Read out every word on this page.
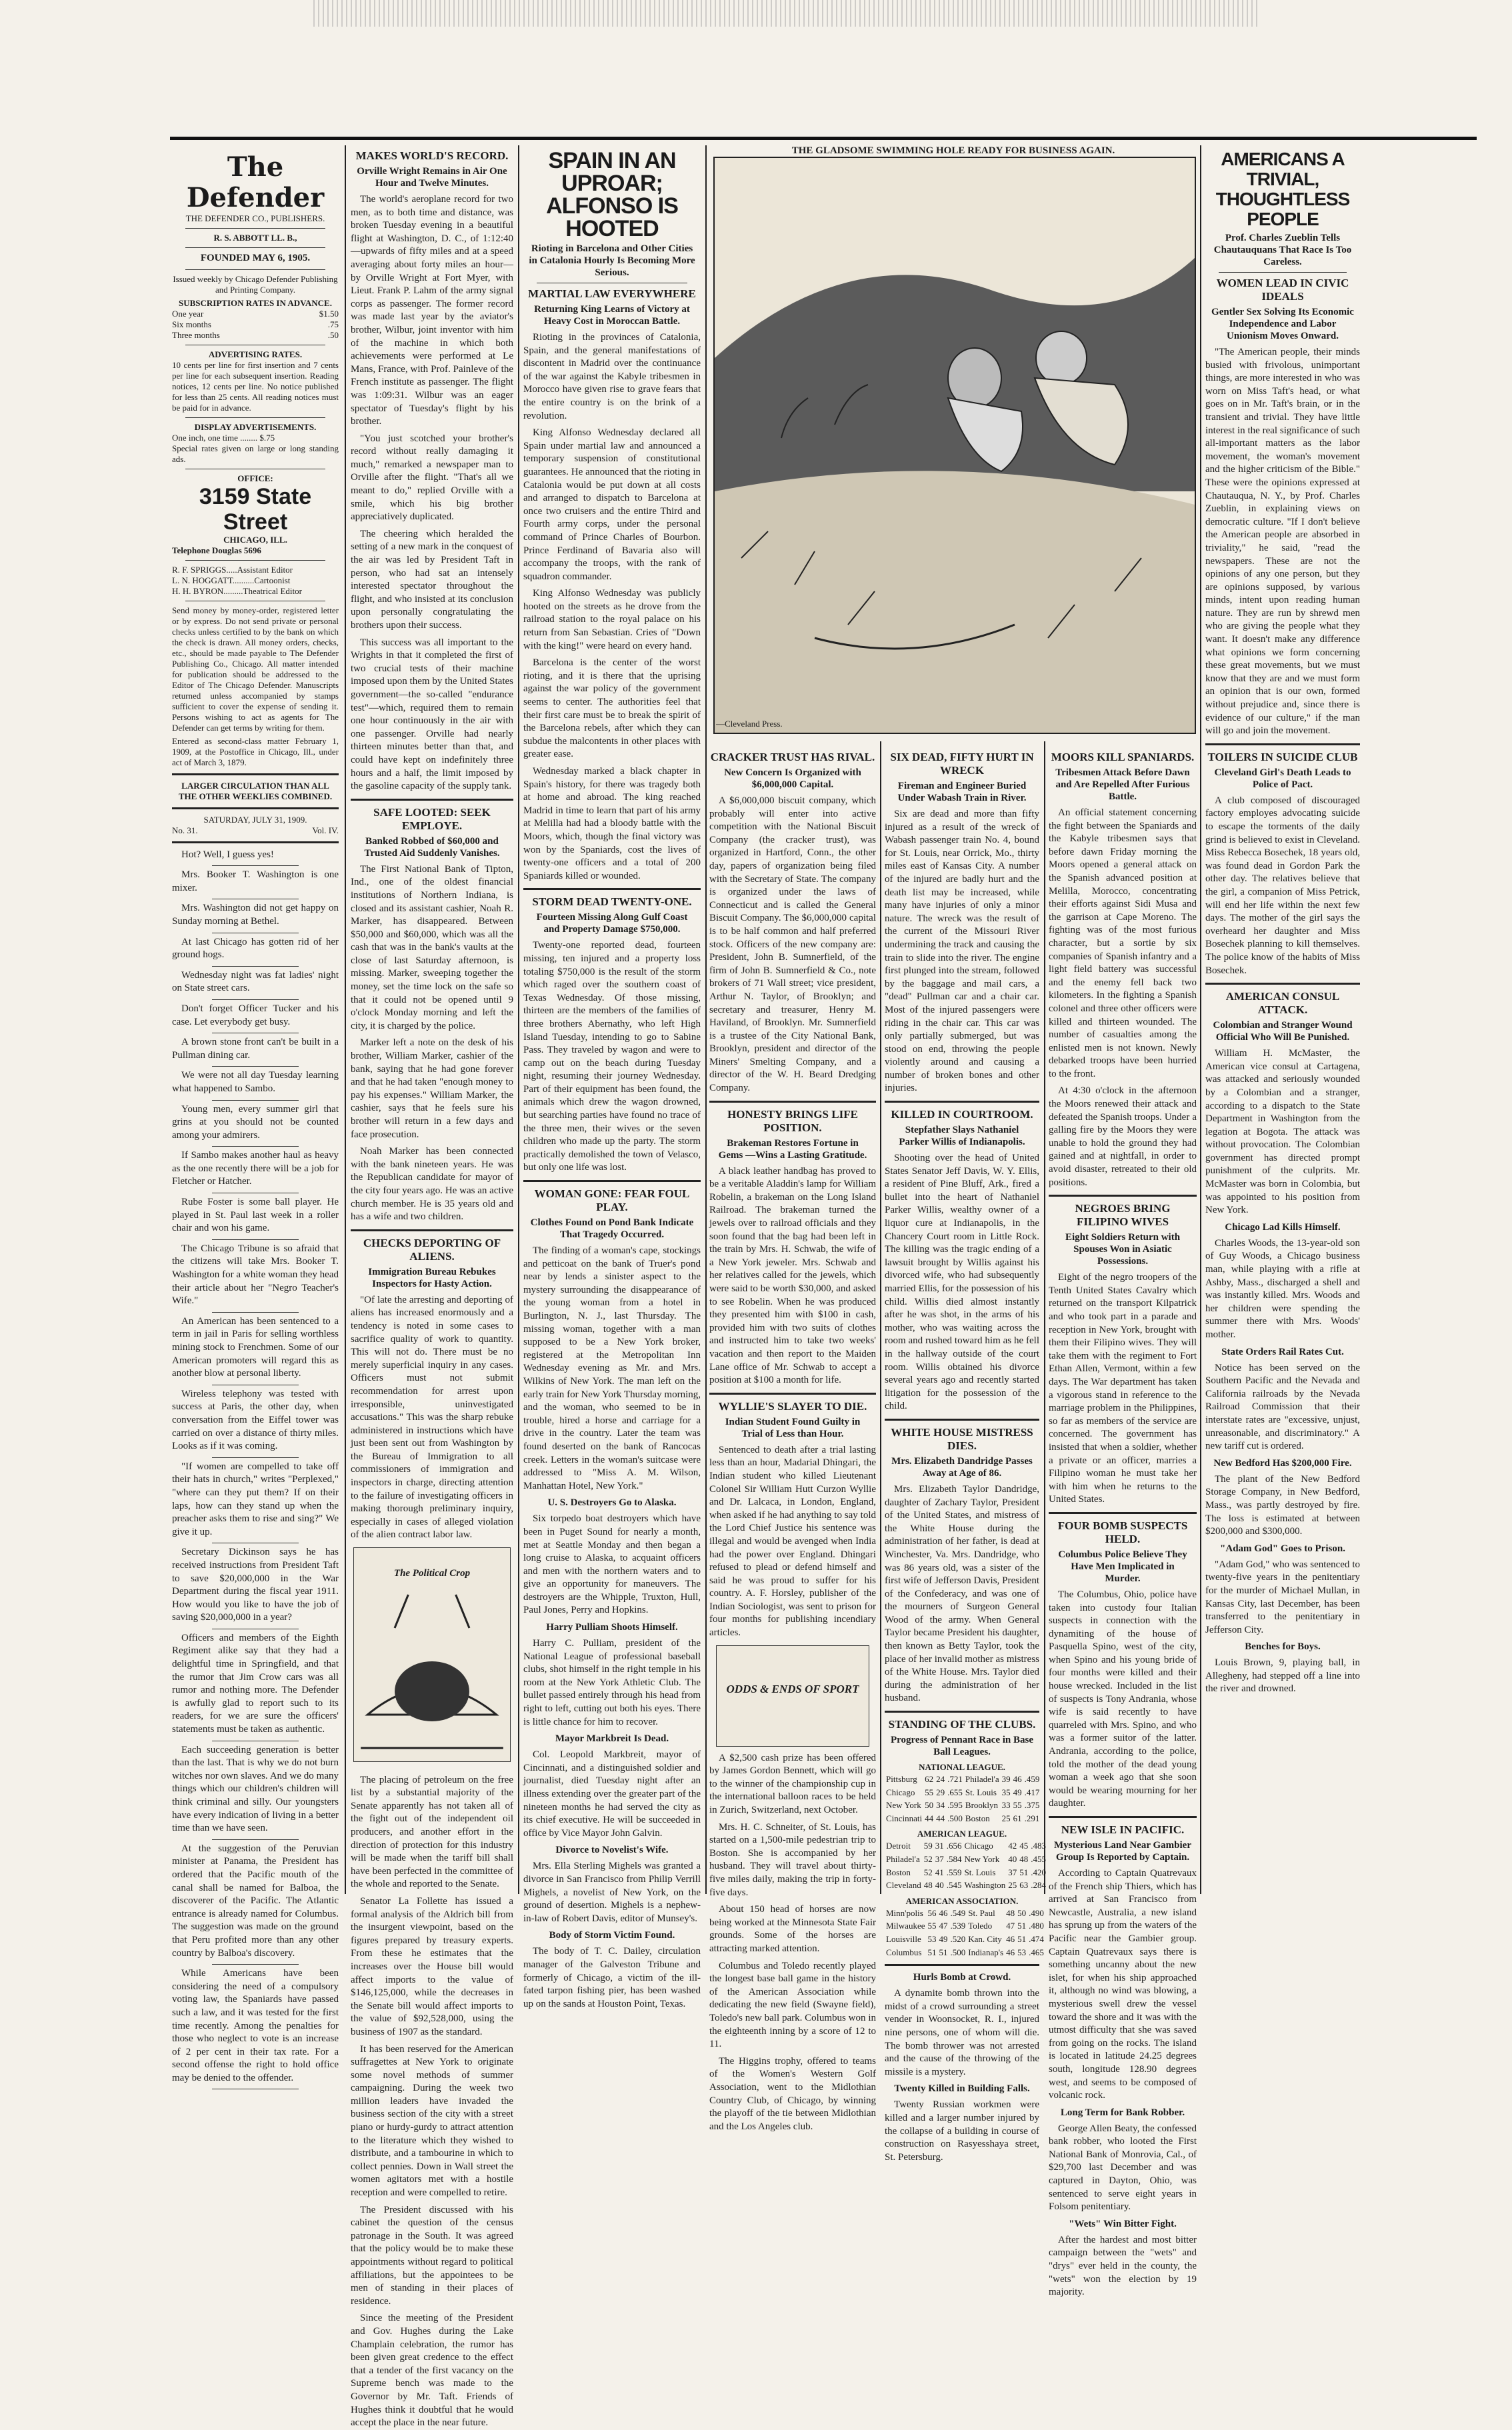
The Defender
THE DEFENDER CO., PUBLISHERS.
R. S. ABBOTT LL. B.,
FOUNDED MAY 6, 1905.
Issued weekly by Chicago Defender Publishing and Printing Company.
SUBSCRIPTION RATES IN ADVANCE.
One year	$1.50
Six months	.75
Three months	.50
ADVERTISING RATES.
10 cents per line for first insertion and 7 cents per line for each subsequent insertion. Reading notices, 12 cents per line. No notice published for less than 25 cents. All reading notices must be paid for in advance.
DISPLAY ADVERTISEMENTS.
One inch, one time ........ $.75
Special rates given on large or long standing ads.
OFFICE:
3159 State Street
CHICAGO, ILL.
Telephone Douglas 5696
R. F. SPRIGGS.....Assistant Editor
L. N. HOGGATT..........Cartoonist
H. H. BYRON.........Theatrical Editor
Send money by money-order, registered letter or by express. Do not send private or personal checks unless certified to by the bank on which the check is drawn. All money orders, checks, etc., should be made payable to The Defender Publishing Co., Chicago. All matter intended for publication should be addressed to the Editor of The Chicago Defender. Manuscripts returned unless accompanied by stamps sufficient to cover the expense of sending it. Persons wishing to act as agents for The Defender can get terms by writing for them.
Entered as second-class matter February 1, 1909, at the Postoffice in Chicago, Ill., under act of March 3, 1879.
LARGER CIRCULATION THAN ALL THE OTHER WEEKLIES COMBINED.
SATURDAY, JULY 31, 1909.
No. 31.	Vol. IV.

Hot? Well, I guess yes!

Mrs. Booker T. Washington is one mixer.

Mrs. Washington did not get happy on Sunday morning at Bethel.

At last Chicago has gotten rid of her ground hogs.

Wednesday night was fat ladies' night on State street cars.

Don't forget Officer Tucker and his case. Let everybody get busy.

A brown stone front can't be built in a Pullman dining car.

We were not all day Tuesday learning what happened to Sambo.

Young men, every summer girl that grins at you should not be counted among your admirers.

If Sambo makes another haul as heavy as the one recently there will be a job for Fletcher or Hatcher.

Rube Foster is some ball player. He played in St. Paul last week in a roller chair and won his game.

The Chicago Tribune is so afraid that the citizens will take Mrs. Booker T. Washington for a white woman they head their article about her "Negro Teacher's Wife."

An American has been sentenced to a term in jail in Paris for selling worthless mining stock to Frenchmen. Some of our American promoters will regard this as another blow at personal liberty.

Wireless telephony was tested with success at Paris, the other day, when conversation from the Eiffel tower was carried on over a distance of thirty miles. Looks as if it was coming.

"If women are compelled to take off their hats in church," writes "Perplexed," "where can they put them? If on their laps, how can they stand up when the preacher asks them to rise and sing?" We give it up.

Secretary Dickinson says he has received instructions from President Taft to save $20,000,000 in the War Department during the fiscal year 1911. How would you like to have the job of saving $20,000,000 in a year?

Officers and members of the Eighth Regiment alike say that they had a delightful time in Springfield, and that the rumor that Jim Crow cars was all rumor and nothing more. The Defender is awfully glad to report such to its readers, for we are sure the officers' statements must be taken as authentic.

Each succeeding generation is better than the last. That is why we do not burn witches nor own slaves. And we do many things which our children's children will think criminal and silly. Our youngsters have every indication of living in a better time than we have seen.

At the suggestion of the Peruvian minister at Panama, the President has ordered that the Pacific mouth of the canal shall be named for Balboa, the discoverer of the Pacific. The Atlantic entrance is already named for Columbus. The suggestion was made on the ground that Peru profited more than any other country by Balboa's discovery.

While Americans have been considering the need of a compulsory voting law, the Spaniards have passed such a law, and it was tested for the first time recently. Among the penalties for those who neglect to vote is an increase of 2 per cent in their tax rate. For a second offense the right to hold office may be denied to the offender.

MAKES WORLD'S RECORD.
Orville Wright Remains in Air One Hour and Twelve Minutes.

The world's aeroplane record for two men, as to both time and distance, was broken Tuesday evening in a beautiful flight at Washington, D. C., of 1:12:40—upwards of fifty miles and at a speed averaging about forty miles an hour—by Orville Wright at Fort Myer, with Lieut. Frank P. Lahm of the army signal corps as passenger. The former record was made last year by the aviator's brother, Wilbur, joint inventor with him of the machine in which both achievements were performed at Le Mans, France, with Prof. Painleve of the French institute as passenger. The flight was 1:09:31. Wilbur was an eager spectator of Tuesday's flight by his brother.

"You just scotched your brother's record without really damaging it much," remarked a newspaper man to Orville after the flight. "That's all we meant to do," replied Orville with a smile, which his big brother appreciatively duplicated.

The cheering which heralded the setting of a new mark in the conquest of the air was led by President Taft in person, who had sat an intensely interested spectator throughout the flight, and who insisted at its conclusion upon personally congratulating the brothers upon their success.

This success was all important to the Wrights in that it completed the first of two crucial tests of their machine imposed upon them by the United States government—the so-called "endurance test"—which, required them to remain one hour continuously in the air with one passenger. Orville had nearly thirteen minutes better than that, and could have kept on indefinitely three hours and a half, the limit imposed by the gasoline capacity of the supply tank.

SAFE LOOTED: SEEK EMPLOYE.
Banked Robbed of $60,000 and Trusted Aid Suddenly Vanishes.

The First National Bank of Tipton, Ind., one of the oldest financial institutions of Northern Indiana, is closed and its assistant cashier, Noah R. Marker, has disappeared. Between $50,000 and $60,000, which was all the cash that was in the bank's vaults at the close of last Saturday afternoon, is missing. Marker, sweeping together the money, set the time lock on the safe so that it could not be opened until 9 o'clock Monday morning and left the city, it is charged by the police.

Marker left a note on the desk of his brother, William Marker, cashier of the bank, saying that he had gone forever and that he had taken "enough money to pay his expenses." William Marker, the cashier, says that he feels sure his brother will return in a few days and face prosecution.

Noah Marker has been connected with the bank nineteen years. He was the Republican candidate for mayor of the city four years ago. He was an active church member. He is 35 years old and has a wife and two children.

CHECKS DEPORTING OF ALIENS.
Immigration Bureau Rebukes Inspectors for Hasty Action.

"Of late the arresting and deporting of aliens has increased enormously and a tendency is noted in some cases to sacrifice quality of work to quantity. This will not do. There must be no merely superficial inquiry in any cases. Officers must not submit recommendation for arrest upon irresponsible, uninvestigated accusations." This was the sharp rebuke administered in instructions which have just been sent out from Washington by the Bureau of Immigration to all commissioners of immigration and inspectors in charge, directing attention to the failure of investigating officers in making thorough preliminary inquiry, especially in cases of alleged violation of the alien contract labor law.

The Political Crop

The placing of petroleum on the free list by a substantial majority of the Senate apparently has not taken all of the fight out of the independent oil producers, and another effort in the direction of protection for this industry will be made when the tariff bill shall have been perfected in the committee of the whole and reported to the Senate.

Senator La Follette has issued a formal analysis of the Aldrich bill from the insurgent viewpoint, based on the figures prepared by treasury experts. From these he estimates that the increases over the House bill would affect imports to the value of $146,125,000, while the decreases in the Senate bill would affect imports to the value of $92,528,000, using the business of 1907 as the standard.

It has been reserved for the American suffragettes at New York to originate some novel methods of summer campaigning. During the week two million leaders have invaded the business section of the city with a street piano or hurdy-gurdy to attract attention to the literature which they wished to distribute, and a tambourine in which to collect pennies. Down in Wall street the women agitators met with a hostile reception and were compelled to retire.

The President discussed with his cabinet the question of the census patronage in the South. It was agreed that the policy would be to make these appointments without regard to political affiliations, but the appointees to be men of standing in their places of residence.

Since the meeting of the President and Gov. Hughes during the Lake Champlain celebration, the rumor has been given great credence to the effect that a tender of the first vacancy on the Supreme bench was made to the Governor by Mr. Taft. Friends of Hughes think it doubtful that he would accept the place in the near future.

SPAIN IN AN UPROAR; ALFONSO IS HOOTED
Rioting in Barcelona and Other Cities in Catalonia Hourly Is Becoming More Serious.
MARTIAL LAW EVERYWHERE
Returning King Learns of Victory at Heavy Cost in Moroccan Battle.

Rioting in the provinces of Catalonia, Spain, and the general manifestations of discontent in Madrid over the continuance of the war against the Kabyle tribesmen in Morocco have given rise to grave fears that the entire country is on the brink of a revolution.

King Alfonso Wednesday declared all Spain under martial law and announced a temporary suspension of constitutional guarantees. He announced that the rioting in Catalonia would be put down at all costs and arranged to dispatch to Barcelona at once two cruisers and the entire Third and Fourth army corps, under the personal command of Prince Charles of Bourbon. Prince Ferdinand of Bavaria also will accompany the troops, with the rank of squadron commander.

King Alfonso Wednesday was publicly hooted on the streets as he drove from the railroad station to the royal palace on his return from San Sebastian. Cries of "Down with the king!" were heard on every hand.

Barcelona is the center of the worst rioting, and it is there that the uprising against the war policy of the government seems to center. The authorities feel that their first care must be to break the spirit of the Barcelona rebels, after which they can subdue the malcontents in other places with greater ease.

Wednesday marked a black chapter in Spain's history, for there was tragedy both at home and abroad. The king reached Madrid in time to learn that part of his army at Melilla had had a bloody battle with the Moors, which, though the final victory was won by the Spaniards, cost the lives of twenty-one officers and a total of 200 Spaniards killed or wounded.

STORM DEAD TWENTY-ONE.
Fourteen Missing Along Gulf Coast and Property Damage $750,000.

Twenty-one reported dead, fourteen missing, ten injured and a property loss totaling $750,000 is the result of the storm which raged over the southern coast of Texas Wednesday. Of those missing, thirteen are the members of the families of three brothers Abernathy, who left High Island Tuesday, intending to go to Sabine Pass. They traveled by wagon and were to camp out on the beach during Tuesday night, resuming their journey Wednesday. Part of their equipment has been found, the animals which drew the wagon drowned, but searching parties have found no trace of the three men, their wives or the seven children who made up the party. The storm practically demolished the town of Velasco, but only one life was lost.

WOMAN GONE: FEAR FOUL PLAY.
Clothes Found on Pond Bank Indicate That Tragedy Occurred.

The finding of a woman's cape, stockings and petticoat on the bank of Truer's pond near by lends a sinister aspect to the mystery surrounding the disappearance of the young woman from a hotel in Burlington, N. J., last Thursday. The missing woman, together with a man supposed to be a New York broker, registered at the Metropolitan Inn Wednesday evening as Mr. and Mrs. Wilkins of New York. The man left on the early train for New York Thursday morning, and the woman, who seemed to be in trouble, hired a horse and carriage for a drive in the country. Later the team was found deserted on the bank of Rancocas creek. Letters in the woman's suitcase were addressed to "Miss A. M. Wilson, Manhattan Hotel, New York."

U. S. Destroyers Go to Alaska.

Six torpedo boat destroyers which have been in Puget Sound for nearly a month, met at Seattle Monday and then began a long cruise to Alaska, to acquaint officers and men with the northern waters and to give an opportunity for maneuvers. The destroyers are the Whipple, Truxton, Hull, Paul Jones, Perry and Hopkins.

Harry Pulliam Shoots Himself.

Harry C. Pulliam, president of the National League of professional baseball clubs, shot himself in the right temple in his room at the New York Athletic Club. The bullet passed entirely through his head from right to left, cutting out both his eyes. There is little chance for him to recover.

Mayor Markbreit Is Dead.

Col. Leopold Markbreit, mayor of Cincinnati, and a distinguished soldier and journalist, died Tuesday night after an illness extending over the greater part of the nineteen months he had served the city as its chief executive. He will be succeeded in office by Vice Mayor John Galvin.

Divorce to Novelist's Wife.

Mrs. Ella Sterling Mighels was granted a divorce in San Francisco from Philip Verrill Mighels, a novelist of New York, on the ground of desertion. Mighels is a nephew-in-law of Robert Davis, editor of Munsey's.

Body of Storm Victim Found.

The body of T. C. Dailey, circulation manager of the Galveston Tribune and formerly of Chicago, a victim of the ill-fated tarpon fishing pier, has been washed up on the sands at Houston Point, Texas.

THE GLADSOME SWIMMING HOLE READY FOR BUSINESS AGAIN.
—Cleveland Press.
CRACKER TRUST HAS RIVAL.
New Concern Is Organized with $6,000,000 Capital.

A $6,000,000 biscuit company, which probably will enter into active competition with the National Biscuit Company (the cracker trust), was organized in Hartford, Conn., the other day, papers of organization being filed with the Secretary of State. The company is organized under the laws of Connecticut and is called the General Biscuit Company. The $6,000,000 capital is to be half common and half preferred stock. Officers of the new company are: President, John B. Sumnerfield, of the firm of John B. Sumnerfield & Co., note brokers of 71 Wall street; vice president, Arthur N. Taylor, of Brooklyn; and secretary and treasurer, Henry M. Haviland, of Brooklyn. Mr. Sumnerfield is a trustee of the City National Bank, Brooklyn, president and director of the Miners' Smelting Company, and a director of the W. H. Beard Dredging Company.

HONESTY BRINGS LIFE POSITION.
Brakeman Restores Fortune in Gems —Wins a Lasting Gratitude.

A black leather handbag has proved to be a veritable Aladdin's lamp for William Robelin, a brakeman on the Long Island Railroad. The brakeman turned the jewels over to railroad officials and they soon found that the bag had been left in the train by Mrs. H. Schwab, the wife of a New York jeweler. Mrs. Schwab and her relatives called for the jewels, which were said to be worth $30,000, and asked to see Robelin. When he was produced they presented him with $100 in cash, provided him with two suits of clothes and instructed him to take two weeks' vacation and then report to the Maiden Lane office of Mr. Schwab to accept a position at $100 a month for life.

WYLLIE'S SLAYER TO DIE.
Indian Student Found Guilty in Trial of Less than Hour.

Sentenced to death after a trial lasting less than an hour, Madarial Dhingari, the Indian student who killed Lieutenant Colonel Sir William Hutt Curzon Wyllie and Dr. Lalcaca, in London, England, when asked if he had anything to say told the Lord Chief Justice his sentence was illegal and would be avenged when India had the power over England. Dhingari refused to plead or defend himself and said he was proud to suffer for his country. A. F. Horsley, publisher of the Indian Sociologist, was sent to prison for four months for publishing incendiary articles.

ODDS & ENDS OF SPORT

A $2,500 cash prize has been offered by James Gordon Bennett, which will go to the winner of the championship cup in the international balloon races to be held in Zurich, Switzerland, next October.

Mrs. H. C. Schneiter, of St. Louis, has started on a 1,500-mile pedestrian trip to Boston. She is accompanied by her husband. They will travel about thirty-five miles daily, making the trip in forty-five days.

About 150 head of horses are now being worked at the Minnesota State Fair grounds. Some of the horses are attracting marked attention.

Columbus and Toledo recently played the longest base ball game in the history of the American Association while dedicating the new field (Swayne field), Toledo's new ball park. Columbus won in the eighteenth inning by a score of 12 to 11.

The Higgins trophy, offered to teams of the Women's Western Golf Association, went to the Midlothian Country Club, of Chicago, by winning the playoff of the tie between Midlothian and the Los Angeles club.

SIX DEAD, FIFTY HURT IN WRECK
Fireman and Engineer Buried Under Wabash Train in River.

Six are dead and more than fifty injured as a result of the wreck of Wabash passenger train No. 4, bound for St. Louis, near Orrick, Mo., thirty miles east of Kansas City. A number of the injured are badly hurt and the death list may be increased, while many have injuries of only a minor nature. The wreck was the result of the current of the Missouri River undermining the track and causing the train to slide into the river. The engine first plunged into the stream, followed by the baggage and mail cars, a "dead" Pullman car and a chair car. Most of the injured passengers were riding in the chair car. This car was only partially submerged, but was stood on end, throwing the people violently around and causing a number of broken bones and other injuries.

KILLED IN COURTROOM.
Stepfather Slays Nathaniel Parker Willis of Indianapolis.

Shooting over the head of United States Senator Jeff Davis, W. Y. Ellis, a resident of Pine Bluff, Ark., fired a bullet into the heart of Nathaniel Parker Willis, wealthy owner of a liquor cure at Indianapolis, in the Chancery Court room in Little Rock. The killing was the tragic ending of a lawsuit brought by Willis against his divorced wife, who had subsequently married Ellis, for the possession of his child. Willis died almost instantly after he was shot, in the arms of his mother, who was waiting across the room and rushed toward him as he fell in the hallway outside of the court room. Willis obtained his divorce several years ago and recently started litigation for the possession of the child.

WHITE HOUSE MISTRESS DIES.
Mrs. Elizabeth Dandridge Passes Away at Age of 86.

Mrs. Elizabeth Taylor Dandridge, daughter of Zachary Taylor, President of the United States, and mistress of the White House during the administration of her father, is dead at Winchester, Va. Mrs. Dandridge, who was 86 years old, was a sister of the first wife of Jefferson Davis, President of the Confederacy, and was one of the mourners of Surgeon General Wood of the army. When General Taylor became President his daughter, then known as Betty Taylor, took the place of her invalid mother as mistress of the White House. Mrs. Taylor died during the administration of her husband.

STANDING OF THE CLUBS.
Progress of Pennant Race in Base Ball Leagues.
NATIONAL LEAGUE.
Pittsburg	62	24	.721	Philadel'a	39	46	.459
Chicago	55	29	.655	St. Louis	35	49	.417
New York	50	34	.595	Brooklyn	33	55	.375
Cincinnati	44	44	.500	Boston	25	61	.291
AMERICAN LEAGUE.
Detroit	59	31	.656	Chicago	42	45	.483
Philadel'a	52	37	.584	New York	40	48	.455
Boston	52	41	.559	St. Louis	37	51	.420
Cleveland	48	40	.545	Washington	25	63	.284
AMERICAN ASSOCIATION.
Minn'polis	56	46	.549	St. Paul	48	50	.490
Milwaukee	55	47	.539	Toledo	47	51	.480
Louisville	53	49	.520	Kan. City	46	51	.474
Columbus	51	51	.500	Indianap's	46	53	.465
Hurls Bomb at Crowd.

A dynamite bomb thrown into the midst of a crowd surrounding a street vender in Woonsocket, R. I., injured nine persons, one of whom will die. The bomb thrower was not arrested and the cause of the throwing of the missile is a mystery.

Twenty Killed in Building Falls.

Twenty Russian workmen were killed and a larger number injured by the collapse of a building in course of construction on Rasyesshaya street, St. Petersburg.

MOORS KILL SPANIARDS.
Tribesmen Attack Before Dawn and Are Repelled After Furious Battle.

An official statement concerning the fight between the Spaniards and the Kabyle tribesmen says that before dawn Friday morning the Moors opened a general attack on the Spanish advanced position at Melilla, Morocco, concentrating their efforts against Sidi Musa and the garrison at Cape Moreno. The fighting was of the most furious character, but a sortie by six companies of Spanish infantry and a light field battery was successful and the enemy fell back two kilometers. In the fighting a Spanish colonel and three other officers were killed and thirteen wounded. The number of casualties among the enlisted men is not known. Newly debarked troops have been hurried to the front.

At 4:30 o'clock in the afternoon the Moors renewed their attack and defeated the Spanish troops. Under a galling fire by the Moors they were unable to hold the ground they had gained and at nightfall, in order to avoid disaster, retreated to their old positions.

NEGROES BRING FILIPINO WIVES
Eight Soldiers Return with Spouses Won in Asiatic Possessions.

Eight of the negro troopers of the Tenth United States Cavalry which returned on the transport Kilpatrick and who took part in a parade and reception in New York, brought with them their Filipino wives. They will take them with the regiment to Fort Ethan Allen, Vermont, within a few days. The War department has taken a vigorous stand in reference to the marriage problem in the Philippines, so far as members of the service are concerned. The government has insisted that when a soldier, whether a private or an officer, marries a Filipino woman he must take her with him when he returns to the United States.

FOUR BOMB SUSPECTS HELD.
Columbus Police Believe They Have Men Implicated in Murder.

The Columbus, Ohio, police have taken into custody four Italian suspects in connection with the dynamiting of the house of Pasquella Spino, west of the city, when Spino and his young bride of four months were killed and their house wrecked. Included in the list of suspects is Tony Andrania, whose wife is said recently to have quarreled with Mrs. Spino, and who was a former suitor of the latter. Andrania, according to the police, told the mother of the dead young woman a week ago that she soon would be wearing mourning for her daughter.

NEW ISLE IN PACIFIC.
Mysterious Land Near Gambier Group Is Reported by Captain.

According to Captain Quatrevaux of the French ship Thiers, which has arrived at San Francisco from Newcastle, Australia, a new island has sprung up from the waters of the Pacific near the Gambier group. Captain Quatrevaux says there is something uncanny about the new islet, for when his ship approached it, although no wind was blowing, a mysterious swell drew the vessel toward the shore and it was with the utmost difficulty that she was saved from going on the rocks. The island is located in latitude 24.25 degrees south, longitude 128.90 degrees west, and seems to be composed of volcanic rock.

Long Term for Bank Robber.

George Allen Beaty, the confessed bank robber, who looted the First National Bank of Monrovia, Cal., of $29,700 last December and was captured in Dayton, Ohio, was sentenced to serve eight years in Folsom penitentiary.

"Wets" Win Bitter Fight.

After the hardest and most bitter campaign between the "wets" and "drys" ever held in the county, the "wets" won the election by 19 majority.

AMERICANS A TRIVIAL, THOUGHTLESS PEOPLE
Prof. Charles Zueblin Tells Chautauquans That Race Is Too Careless.
WOMEN LEAD IN CIVIC IDEALS
Gentler Sex Solving Its Economic Independence and Labor Unionism Moves Onward.

"The American people, their minds busied with frivolous, unimportant things, are more interested in who was worn on Miss Taft's head, or what goes on in Mr. Taft's brain, or in the transient and trivial. They have little interest in the real significance of such all-important matters as the labor movement, the woman's movement and the higher criticism of the Bible." These were the opinions expressed at Chautauqua, N. Y., by Prof. Charles Zueblin, in explaining views on democratic culture. "If I don't believe the American people are absorbed in triviality," he said, "read the newspapers. These are not the opinions of any one person, but they are opinions supposed, by various minds, intent upon reading human nature. They are run by shrewd men who are giving the people what they want. It doesn't make any difference what opinions we form concerning these great movements, but we must know that they are and we must form an opinion that is our own, formed without prejudice and, since there is evidence of our culture," if the man will go and join the movement.

TOILERS IN SUICIDE CLUB
Cleveland Girl's Death Leads to Police of Pact.

A club composed of discouraged factory employes advocating suicide to escape the torments of the daily grind is believed to exist in Cleveland. Miss Rebecca Bosechek, 18 years old, was found dead in Gordon Park the other day. The relatives believe that the girl, a companion of Miss Petrick, will end her life within the next few days. The mother of the girl says the overheard her daughter and Miss Bosechek planning to kill themselves. The police know of the habits of Miss Bosechek.

AMERICAN CONSUL ATTACK.
Colombian and Stranger Wound Official Who Will Be Punished.

William H. McMaster, the American vice consul at Cartagena, was attacked and seriously wounded by a Colombian and a stranger, according to a dispatch to the State Department in Washington from the legation at Bogota. The attack was without provocation. The Colombian government has directed prompt punishment of the culprits. Mr. McMaster was born in Colombia, but was appointed to his position from New York.

Chicago Lad Kills Himself.

Charles Woods, the 13-year-old son of Guy Woods, a Chicago business man, while playing with a rifle at Ashby, Mass., discharged a shell and was instantly killed. Mrs. Woods and her children were spending the summer there with Mrs. Woods' mother.

State Orders Rail Rates Cut.

Notice has been served on the Southern Pacific and the Nevada and California railroads by the Nevada Railroad Commission that their interstate rates are "excessive, unjust, unreasonable, and discriminatory." A new tariff cut is ordered.

New Bedford Has $200,000 Fire.

The plant of the New Bedford Storage Company, in New Bedford, Mass., was partly destroyed by fire. The loss is estimated at between $200,000 and $300,000.

"Adam God" Goes to Prison.

"Adam God," who was sentenced to twenty-five years in the penitentiary for the murder of Michael Mullan, in Kansas City, last December, has been transferred to the penitentiary in Jefferson City.

Benches for Boys.

Louis Brown, 9, playing ball, in Allegheny, had stepped off a line into the river and drowned.
